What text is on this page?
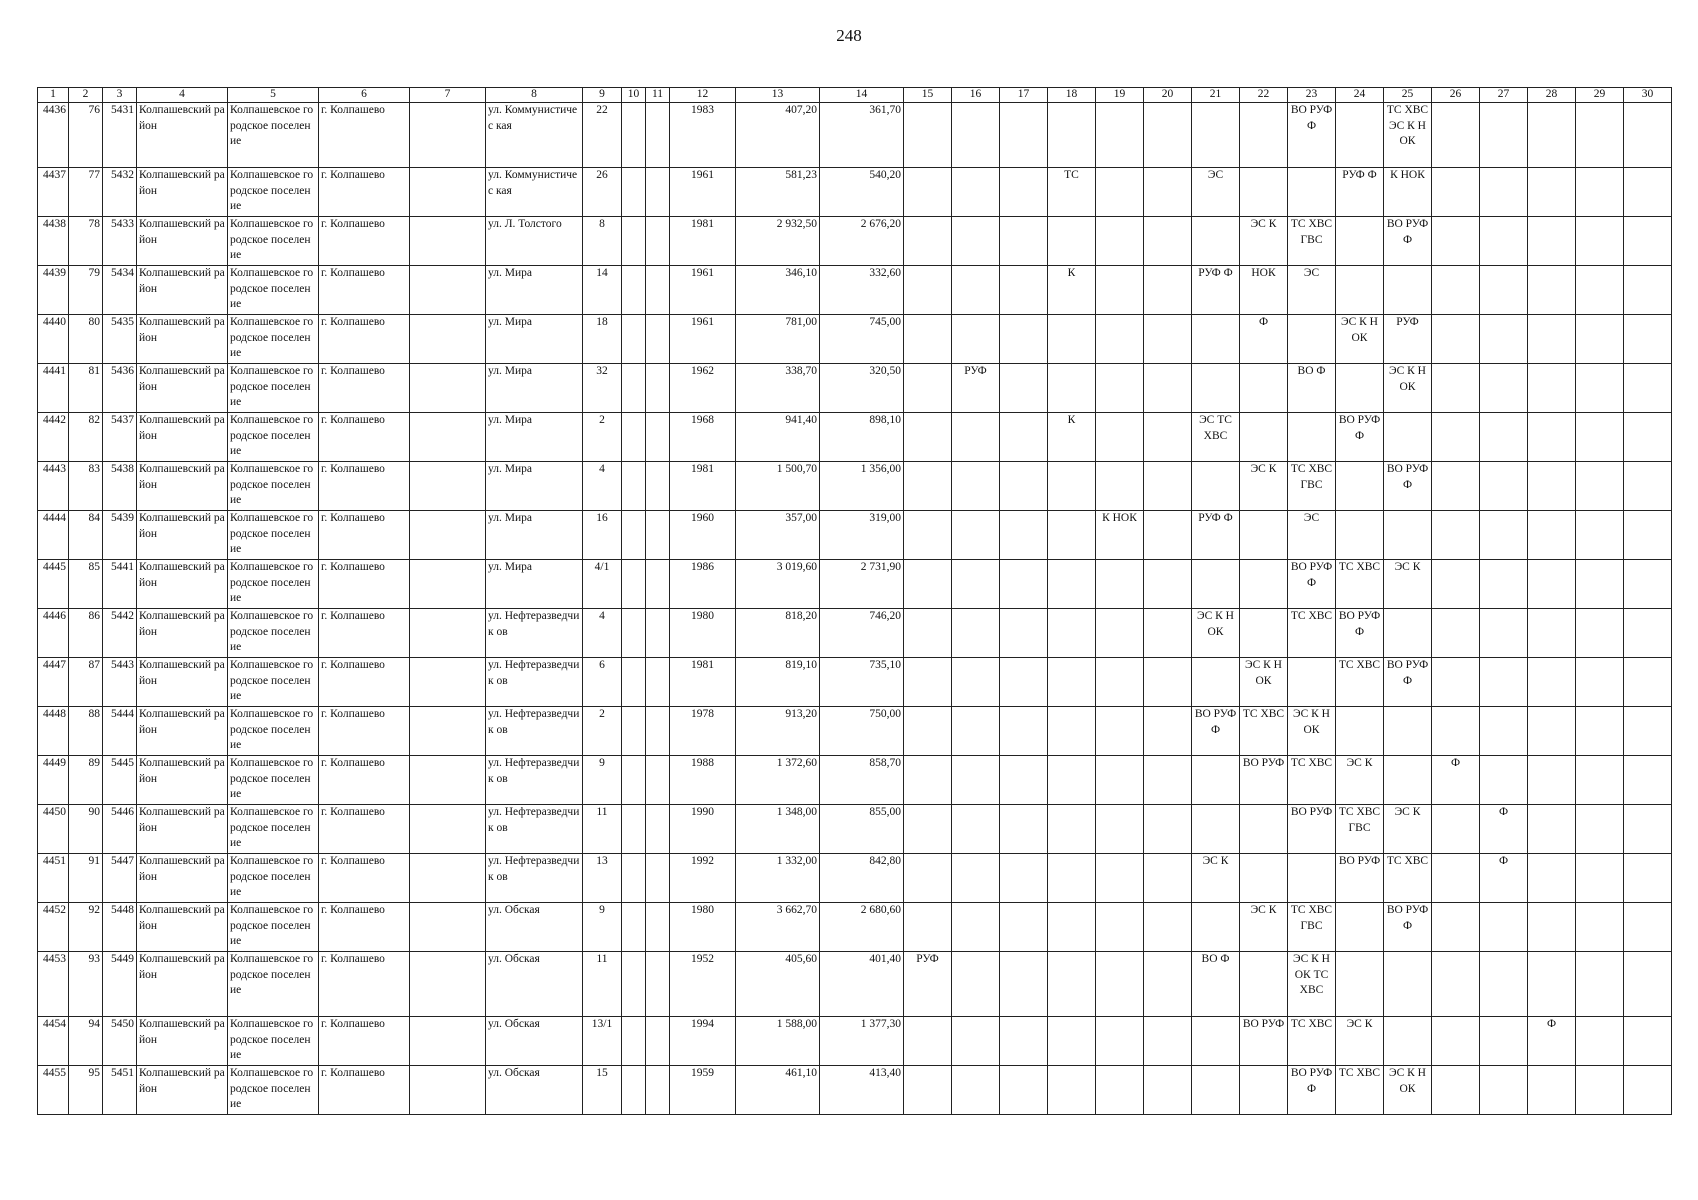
248
1	2	3	4	5	6	7	8	9	10	11	12	13	14	15	16	17	18	19	20	21	22	23	24	25	26	27	28	29	30
4436	76	5431	Колпашевский район	Колпашевское городское поселение	г. Колпашево		ул. Коммунистичес кая	22			1983	407,20	361,70									ВО РУФ Ф		ТС ХВС ЭС К НОК					
4437	77	5432	Колпашевский район	Колпашевское городское поселение	г. Колпашево		ул. Коммунистичес кая	26			1961	581,23	540,20				ТС			ЭС			РУФ Ф	К НОК					
4438	78	5433	Колпашевский район	Колпашевское городское поселение	г. Колпашево		ул. Л. Толстого	8			1981	2 932,50	2 676,20								ЭС К	ТС ХВС ГВС		ВО РУФ Ф					
4439	79	5434	Колпашевский район	Колпашевское городское поселение	г. Колпашево		ул. Мира	14			1961	346,10	332,60				К			РУФ Ф	НОК	ЭС							
4440	80	5435	Колпашевский район	Колпашевское городское поселение	г. Колпашево		ул. Мира	18			1961	781,00	745,00								Ф		ЭС К НОК	РУФ					
4441	81	5436	Колпашевский район	Колпашевское городское поселение	г. Колпашево		ул. Мира	32			1962	338,70	320,50		РУФ							ВО Ф		ЭС К НОК					
4442	82	5437	Колпашевский район	Колпашевское городское поселение	г. Колпашево		ул. Мира	2			1968	941,40	898,10				К			ЭС ТС ХВС			ВО РУФ Ф						
4443	83	5438	Колпашевский район	Колпашевское городское поселение	г. Колпашево		ул. Мира	4			1981	1 500,70	1 356,00								ЭС К	ТС ХВС ГВС		ВО РУФ Ф					
4444	84	5439	Колпашевский район	Колпашевское городское поселение	г. Колпашево		ул. Мира	16			1960	357,00	319,00					К НОК		РУФ Ф		ЭС							
4445	85	5441	Колпашевский район	Колпашевское городское поселение	г. Колпашево		ул. Мира	4/1			1986	3 019,60	2 731,90									ВО РУФ Ф	ТС ХВС	ЭС К					
4446	86	5442	Колпашевский район	Колпашевское городское поселение	г. Колпашево		ул. Нефтеразведчик ов	4			1980	818,20	746,20							ЭС К НОК		ТС ХВС	ВО РУФ Ф						
4447	87	5443	Колпашевский район	Колпашевское городское поселение	г. Колпашево		ул. Нефтеразведчик ов	6			1981	819,10	735,10								ЭС К НОК		ТС ХВС	ВО РУФ Ф					
4448	88	5444	Колпашевский район	Колпашевское городское поселение	г. Колпашево		ул. Нефтеразведчик ов	2			1978	913,20	750,00							ВО РУФ Ф	ТС ХВС	ЭС К НОК							
4449	89	5445	Колпашевский район	Колпашевское городское поселение	г. Колпашево		ул. Нефтеразведчик ов	9			1988	1 372,60	858,70								ВО РУФ	ТС ХВС	ЭС К		Ф				
4450	90	5446	Колпашевский район	Колпашевское городское поселение	г. Колпашево		ул. Нефтеразведчик ов	11			1990	1 348,00	855,00									ВО РУФ	ТС ХВС ГВС	ЭС К		Ф			
4451	91	5447	Колпашевский район	Колпашевское городское поселение	г. Колпашево		ул. Нефтеразведчик ов	13			1992	1 332,00	842,80							ЭС К			ВО РУФ	ТС ХВС		Ф			
4452	92	5448	Колпашевский район	Колпашевское городское поселение	г. Колпашево		ул. Обская	9			1980	3 662,70	2 680,60								ЭС К	ТС ХВС ГВС		ВО РУФ Ф					
4453	93	5449	Колпашевский район	Колпашевское городское поселение	г. Колпашево		ул. Обская	11			1952	405,60	401,40	РУФ						ВО Ф		ЭС К НОК ТС ХВС							
4454	94	5450	Колпашевский район	Колпашевское городское поселение	г. Колпашево		ул. Обская	13/1			1994	1 588,00	1 377,30								ВО РУФ	ТС ХВС	ЭС К				Ф		
4455	95	5451	Колпашевский район	Колпашевское городское поселение	г. Колпашево		ул. Обская	15			1959	461,10	413,40									ВО РУФ Ф	ТС ХВС	ЭС К НОК					
